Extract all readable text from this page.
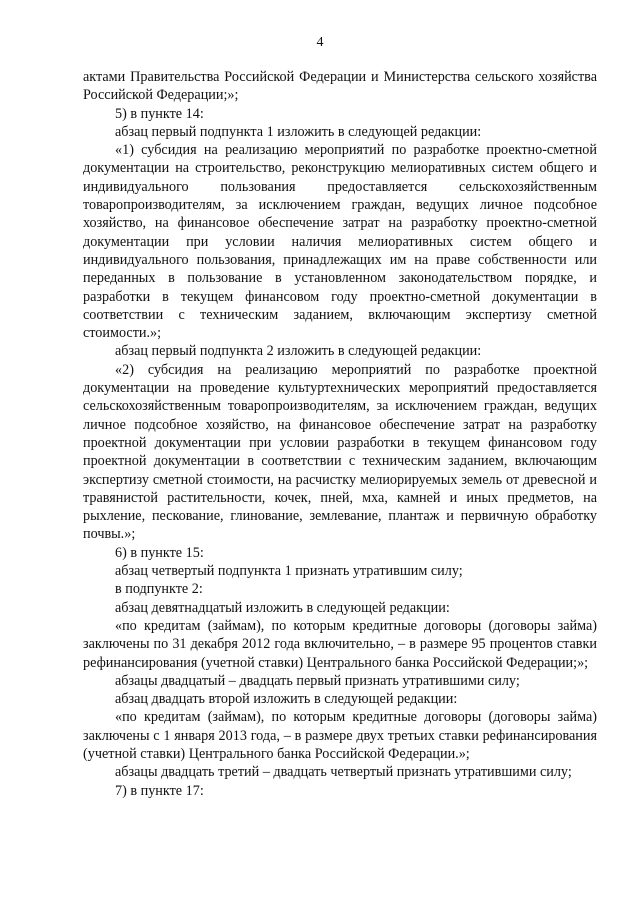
4

актами Правительства Российской Федерации и Министерства сельского хозяйства Российской Федерации;»;

5) в пункте 14:

абзац первый подпункта 1 изложить в следующей редакции:

«1) субсидия на реализацию мероприятий по разработке проектно-сметной документации на строительство, реконструкцию мелиоративных систем общего и индивидуального пользования предоставляется сельскохозяйственным товаропроизводителям, за исключением граждан, ведущих личное подсобное хозяйство, на финансовое обеспечение затрат на разработку проектно-сметной документации при условии наличия мелиоративных систем общего и индивидуального пользования, принадлежащих им на праве собственности или переданных в пользование в установленном законодательством порядке, и разработки в текущем финансовом году проектно-сметной документации в соответствии с техническим заданием, включающим экспертизу сметной стоимости.»;

абзац первый подпункта 2 изложить в следующей редакции:

«2) субсидия на реализацию мероприятий по разработке проектной документации на проведение культуртехнических мероприятий предоставляется сельскохозяйственным товаропроизводителям, за исключением граждан, ведущих личное подсобное хозяйство, на финансовое обеспечение затрат на разработку проектной документации при условии разработки в текущем финансовом году проектной документации в соответствии с техническим заданием, включающим экспертизу сметной стоимости, на расчистку мелиорируемых земель от древесной и травянистой растительности, кочек, пней, мха, камней и иных предметов, на рыхление, пескование, глинование, землевание, плантаж и первичную обработку почвы.»;

6) в пункте 15:

абзац четвертый подпункта 1 признать утратившим силу;

в подпункте 2:

абзац девятнадцатый изложить в следующей редакции:

«по кредитам (займам), по которым кредитные договоры (договоры займа) заключены по 31 декабря 2012 года включительно, – в размере 95 процентов ставки рефинансирования (учетной ставки) Центрального банка Российской Федерации;»;

абзацы двадцатый – двадцать первый признать утратившими силу;

абзац двадцать второй изложить в следующей редакции:

«по кредитам (займам), по которым кредитные договоры (договоры займа) заключены с 1 января 2013 года, – в размере двух третьих ставки рефинансирования (учетной ставки) Центрального банка Российской Федерации.»;

абзацы двадцать третий – двадцать четвертый признать утратившими силу;

7) в пункте 17:
